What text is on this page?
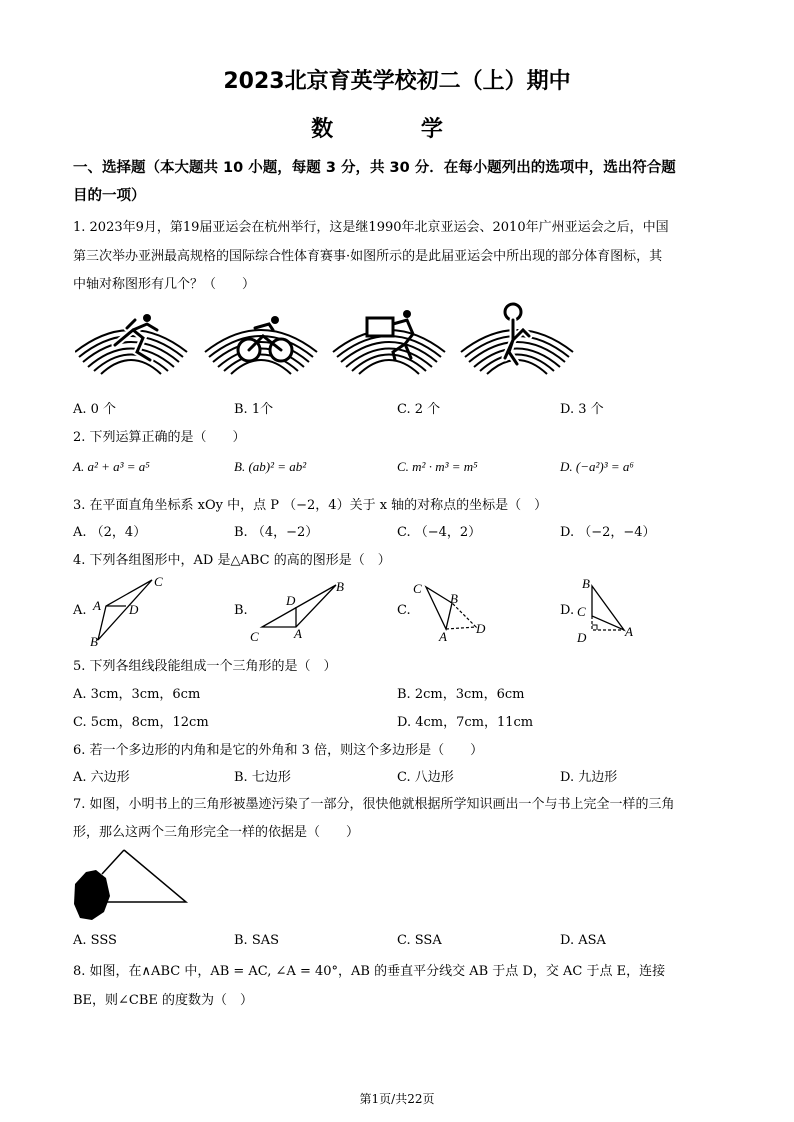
2023北京育英学校初二（上）期中
数 学
一、选择题（本大题共 10 小题，每题 3 分，共 30 分．在每小题列出的选项中，选出符合题
目的一项）
1. 2023年9月，第19届亚运会在杭州举行，这是继1990年北京亚运会、2010年广州亚运会之后，中国
第三次举办亚洲最高规格的国际综合性体育赛事·如图所示的是此届亚运会中所出现的部分体育图标，其
中轴对称图形有几个？（　　）
A. 0 个	B. 1个	C. 2 个	D. 3 个
2. 下列运算正确的是（　　）
A. a² + a³ = a⁵	B. (ab)² = ab²	C. m² · m³ = m⁵	D. (−a²)³ = a⁶
3. 在平面直角坐标系 xOy 中，点 P （−2，4）关于 x 轴的对称点的坐标是（　）
A. （2，4）	B. （4，−2）	C. （−4，2）	D. （−2，−4）
4. 下列各组图形中，AD 是△ABC 的高的图形是（　）
A.
C
A D
B
B.
B
D
C	A
C.
C
B
A
D
D.
B
C
D	A
5. 下列各组线段能组成一个三角形的是（　）
A. 3cm，3cm，6cm	B. 2cm，3cm，6cm
C. 5cm，8cm，12cm	D. 4cm，7cm，11cm
6. 若一个多边形的内角和是它的外角和 3 倍，则这个多边形是（　　）
A. 六边形	B. 七边形	C. 八边形	D. 九边形
7. 如图，小明书上的三角形被墨迹污染了一部分，很快他就根据所学知识画出一个与书上完全一样的三角
形，那么这两个三角形完全一样的依据是（　　）
A. SSS	B. SAS	C. SSA	D. ASA
8. 如图，在∧ABC 中，AB = AC, ∠A = 40°，AB 的垂直平分线交 AB 于点 D，交 AC 于点 E，连接
BE，则∠CBE 的度数为（　）
第1页/共22页
